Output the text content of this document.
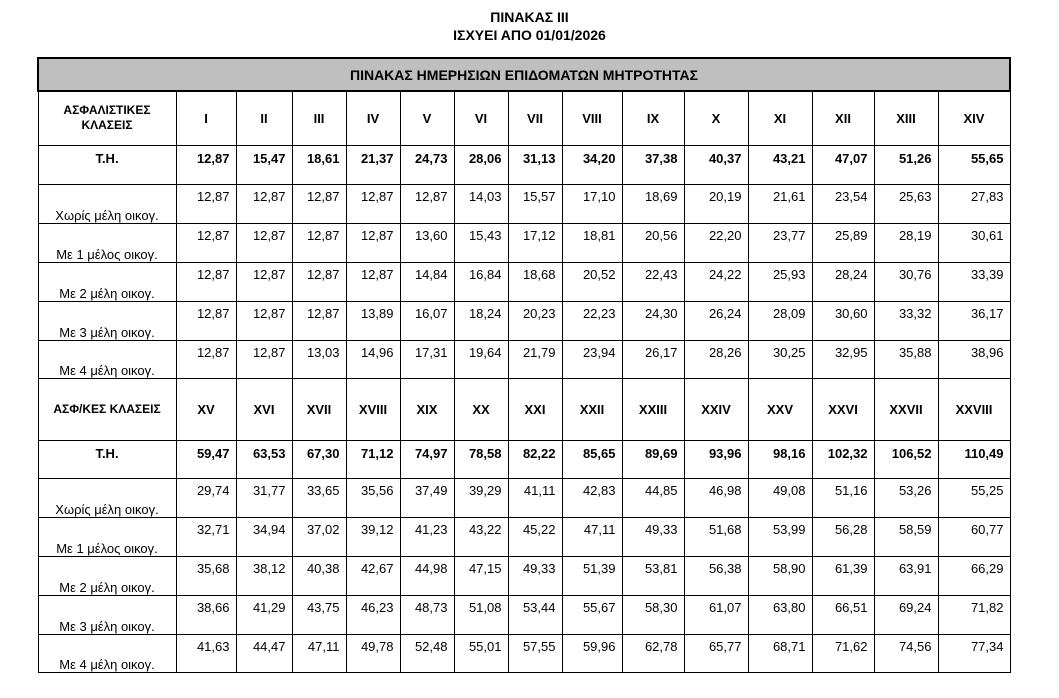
ΠΙΝΑΚΑΣ ΙΙΙ
ΙΣΧΥΕΙ ΑΠΟ 01/01/2026
ΠΙΝΑΚΑΣ ΗΜΕΡΗΣΙΩΝ ΕΠΙΔΟΜΑΤΩΝ ΜΗΤΡΟΤΗΤΑΣ														
ΑΣΦΑΛΙΣΤΙΚΕΣ ΚΛΑΣΕΙΣ	I	II	III	IV	V	VI	VII	VIII	IX	X	XI	XII	XIII	XIV
Τ.Η.	12,87	15,47	18,61	21,37	24,73	28,06	31,13	34,20	37,38	40,37	43,21	47,07	51,26	55,65
Χωρίς μέλη οικογ.	12,87	12,87	12,87	12,87	12,87	14,03	15,57	17,10	18,69	20,19	21,61	23,54	25,63	27,83
Με 1 μέλος οικογ.	12,87	12,87	12,87	12,87	13,60	15,43	17,12	18,81	20,56	22,20	23,77	25,89	28,19	30,61
Με 2 μέλη οικογ.	12,87	12,87	12,87	12,87	14,84	16,84	18,68	20,52	22,43	24,22	25,93	28,24	30,76	33,39
Με 3 μέλη οικογ.	12,87	12,87	12,87	13,89	16,07	18,24	20,23	22,23	24,30	26,24	28,09	30,60	33,32	36,17
Με 4 μέλη οικογ.	12,87	12,87	13,03	14,96	17,31	19,64	21,79	23,94	26,17	28,26	30,25	32,95	35,88	38,96
ΑΣΦ/ΚΕΣ ΚΛΑΣΕΙΣ	XV	XVI	XVII	XVIII	XIX	XX	XXI	XXII	XXIII	XXIV	XXV	XXVI	XXVII	XXVIII
Τ.Η.	59,47	63,53	67,30	71,12	74,97	78,58	82,22	85,65	89,69	93,96	98,16	102,32	106,52	110,49
Χωρίς μέλη οικογ.	29,74	31,77	33,65	35,56	37,49	39,29	41,11	42,83	44,85	46,98	49,08	51,16	53,26	55,25
Με 1 μέλος οικογ.	32,71	34,94	37,02	39,12	41,23	43,22	45,22	47,11	49,33	51,68	53,99	56,28	58,59	60,77
Με 2 μέλη οικογ.	35,68	38,12	40,38	42,67	44,98	47,15	49,33	51,39	53,81	56,38	58,90	61,39	63,91	66,29
Με 3 μέλη οικογ.	38,66	41,29	43,75	46,23	48,73	51,08	53,44	55,67	58,30	61,07	63,80	66,51	69,24	71,82
Με 4 μέλη οικογ.	41,63	44,47	47,11	49,78	52,48	55,01	57,55	59,96	62,78	65,77	68,71	71,62	74,56	77,34
